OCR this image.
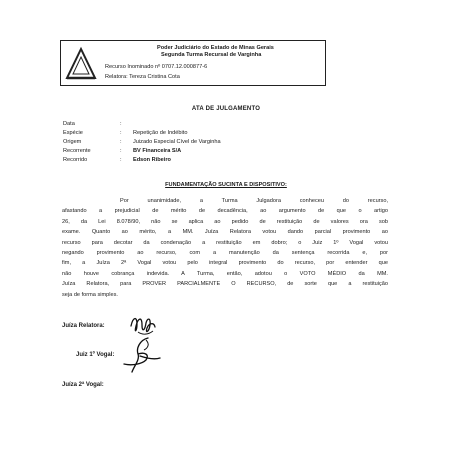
Poder Judiciário do Estado de Minas Gerais
Segunda Turma Recursal de Varginha
Recurso Inominado nº 0707.12.000877-6
Relatora: Tereza Cristina Cota
ATA DE JULGAMENTO
Data	:
Espécie	: Repetição de Indébito
Origem	: Juizado Especial Cível de Varginha
Recorrente	: BV Financeira S/A
Recorrido	: Edson Ribeiro
FUNDAMENTAÇÃO SUCINTA E DISPOSITIVO:
Por unanimidade, a Turma Julgadora conheceu do recurso,
afastando a prejudicial de mérito de decadência, ao argumento de que o artigo
26, da Lei 8.078/90, não se aplica ao pedido de restituição de valores ora sob
exame. Quanto ao mérito, a MM. Juíza Relatora votou dando parcial provimento ao
recurso para decotar da condenação a restituição em dobro; o Juiz 1º Vogal votou
negando provimento ao recurso, com a manutenção da sentença recorrida e, por
fim, a Juíza 2ª Vogal votou pelo integral provimento do recurso, por entender que
não houve cobrança indevida. A Turma, então, adotou o VOTO MÉDIO da MM.
Juíza Relatora, para PROVER PARCIALMENTE O RECURSO, de sorte que a restituição
seja de forma simples.
Juíza Relatora:
Juiz 1º Vogal:
Juíza 2ª Vogal:
